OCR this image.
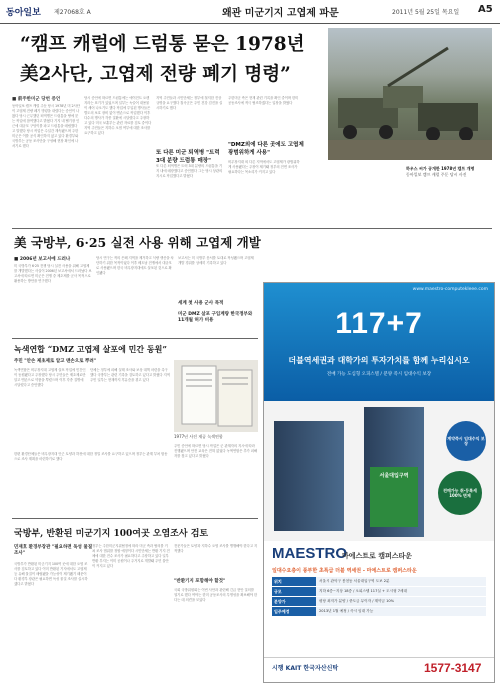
동아일보 제27068호 A	왜관 미군기지 고엽제 파문	2011년 5월 25일 목요일 A5
“캠프 캐럴에 드럼통 묻은 1978년
美2사단, 고엽제 전량 폐기 명령”
하우스 씨가 공개한 1978년 캠프 개명
동아일보 캠프 캐럴 주둔 당시 사진
■ 前주한미군 당번 증언
동아일보 캠프 캐럴 주둔 당시 1978년 미 2사단이 고엽제 전량 폐기 명령을 내렸다는 증언이 나왔다 당시 근무했던 퇴역병은 드럼통을 땅에 묻는 작업에 참여했다고 밝혔다 기지 내 헬기장 인근에 대규모 구덩이를 파고 드럼통을 매립했다고 말했다 당시 작업은 수일간 계속됐으며 주한미군은 이를 공식 확인하지 않고 있다 환경부와 국방부는 공동 조사단을 구성해 현장 확인에 나서기로 했다
당시 증언에 따르면 드럼통에는 에이전트 오렌지라는 표기가 있었으며 일부는 녹슬어 내용물이 새어 나오기도 했다 작업에 투입된 병사들은 별도의 보호 장비 없이 맨손으로 작업했다 이후 다수의 병사가 각종 질환에 시달렸다고 주장하고 있다 미국 보훈부는 관련 자료를 검토 중이다 지역 주민들은 지하수 오염 여부에 대한 조사를 요구하고 있다
지역 주민들과 시민단체는 정부에 철저한 진상 규명을 요구했다 칠곡군은 주민 건강 검진을 실시하기로 했다
또 다른 미군 퇴역병 "트럭 3대 분량 드럼통 매장"
또 다른 퇴역병은 트럭 3대 분량의 드럼통을 기지 내에 매장했다고 증언했다 그는 당시 상관의 지시로 작업했다고 밝혔다
"DMZ외에 다른 곳에도 고엽제 광범위하게 사용"
주한미군 측은 현재 관련 기록을 확인 중이며 한미 공동조사에 적극 협조하겠다는 입장을 밝혔다
비무장지대 외 다른 지역에서도 고엽제가 광범위하게 사용됐다는 주장이 제기돼 정부의 전면 조사가 필요하다는 목소리가 커지고 있다
美 국방부, 6·25 실전 사용 위해 고엽제 개발
■ 2006년 보고서에 드러나
미 국방부가 6·25 전쟁 당시 실전 사용을 위해 고엽제를 개발했다는 사실이 2006년 보고서에서 드러났다 보고서에 따르면 미군은 전쟁 중 제초제를 군사 목적으로 활용하는 방안을 연구했다
당시 연구는 적의 은폐 지역을 제거하고 식량 생산을 차단하기 위한 목적이었다 이후 베트남 전쟁에서 대규모로 사용됐으며 한국 비무장지대에도 살포된 것으로 확인됐다
보고서는 미 국방부 문서를 토대로 작성됐으며 고엽제 개발 경위를 상세히 기록하고 있다
세계 첫 사용 군사 목적
미군 DMZ 살포 구입계량 한국정부와 11개월 허가 비용
녹색연합 “DMZ 고엽제 살포에 민간 동원”
주민 "안손 제초제로 알고 맨손으로 뿌려"
녹색연합은 비무장지대 고엽제 살포 작업에 민간인이 동원됐다고 주장했다 당시 주민들은 제초제로만 알고 맨손으로 약품을 뿌렸으며 이후 각종 질병에 시달렸다고 증언했다
단체는 정부에 피해 실태 조사와 보상 대책 마련을 촉구했다 국방부는 관련 기록을 검토하고 있다고 밝혔다 지역 주민 일부는 현재까지 후유증을 겪고 있다
1977년 사진 제공 녹색연합
주민 증언에 따르면 당시 작업은 군 관계자의 지시에 따라 진행됐으며 안전 교육은 전혀 없었다 녹색연합은 추가 피해자를 찾고 있다고 밝혔다
한편 환경단체들은 비무장지대 인근 토양과 하천에 대한 정밀 조사를 요구하고 있으며 정부는 관계 부처 합동으로 조사 계획을 마련하기로 했다
국방부, 반환된 미군기지 100여곳 오염조사 검토
민재호 환경부장관 "필요하면 독성 물질 조사"
국방부가 반환된 미군기지 100여 곳에 대한 오염 조사를 검토하고 있다 이미 반환된 기지에서도 고엽제 등 유해 물질이 매립됐을 가능성이 제기됐기 때문이다 환경부 장관은 필요하면 독성 물질 조사를 실시하겠다고 밝혔다
정부는 주한미군지위협정에 따라 미군 측과 협의를 거쳐 조사 범위를 정할 예정이다 시민단체는 반환 기지 전체에 대한 전수 조사가 필요하다고 주장하고 있다 일부 반환 부지는 이미 공원이나 주거지로 개발돼 주민 불안이 커지고 있다
전문가들은 토양과 지하수 오염 조사를 병행해야 한다고 지적했다
"반환기지 포함해야 할것"
국회 국방위원회는 이번 사안과 관련해 긴급 현안 질의를 열기로 했다 여야는 한미 공동조사의 투명성을 확보해야 한다는 데 의견을 모았다
www.maestro-computekleee.com
117+7
더블역세권과 대학가의 투자가치를 함께 누리십시오
전매 가능 도심형 오피스텔 / 분양 즉시 임대수익 보장
서울대입구역
전매가능 취·등록세 100% 면제
계약즉시 임대수익 보장
MAESTRO
마에스트로 캠퍼스타운
일대수요층이 풍부한 초특급 더블 역세권 - 마에스트로 캠퍼스타운
위치	서울시 관악구 봉천동 서울대입구역 도보 2분
규모	지하 6층~지상 18층 / 오피스텔 117실 + 도시형 7세대
분양가	평당 최저가 분양 / 중도금 무이자 / 계약금 10%
입주예정	2013년 1월 예정 / 즉시 임대 가능
시행 KAIT 한국자산신탁	1577-3147
